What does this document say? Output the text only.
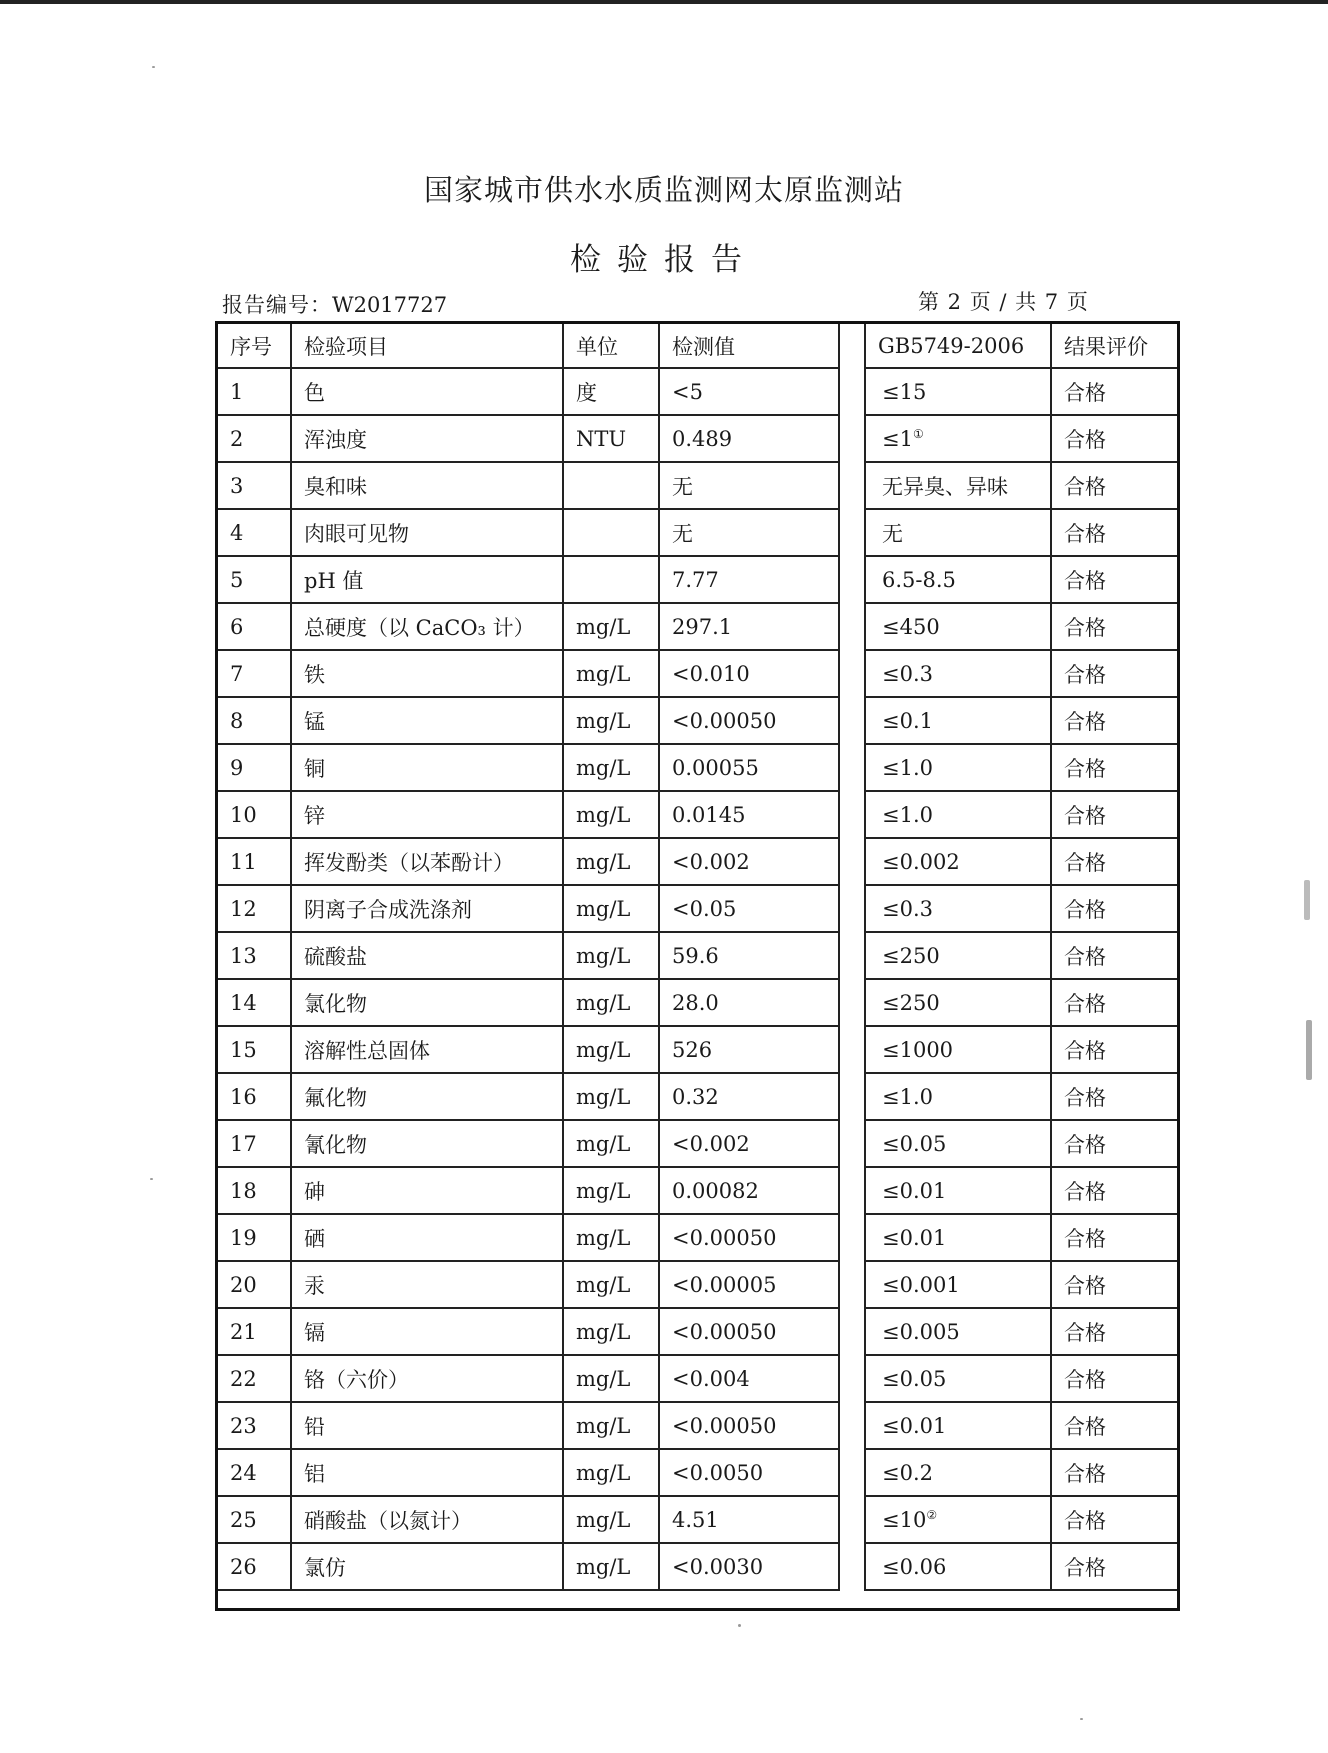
国家城市供水水质监测网太原监测站
检验报告
报告编号：W2017727	第 2 页 / 共 7 页
序号	检验项目	单位	检测值		GB5749-2006	结果评价
1	色	度	<5		≤15	合格
2	浑浊度	NTU	0.489		≤1①	合格
3	臭和味		无		无异臭、异味	合格
4	肉眼可见物		无		无	合格
5	pH 值		7.77		6.5-8.5	合格
6	总硬度（以 CaCO₃ 计）	mg/L	297.1		≤450	合格
7	铁	mg/L	<0.010		≤0.3	合格
8	锰	mg/L	<0.00050		≤0.1	合格
9	铜	mg/L	0.00055		≤1.0	合格
10	锌	mg/L	0.0145		≤1.0	合格
11	挥发酚类（以苯酚计）	mg/L	<0.002		≤0.002	合格
12	阴离子合成洗涤剂	mg/L	<0.05		≤0.3	合格
13	硫酸盐	mg/L	59.6		≤250	合格
14	氯化物	mg/L	28.0		≤250	合格
15	溶解性总固体	mg/L	526		≤1000	合格
16	氟化物	mg/L	0.32		≤1.0	合格
17	氰化物	mg/L	<0.002		≤0.05	合格
18	砷	mg/L	0.00082		≤0.01	合格
19	硒	mg/L	<0.00050		≤0.01	合格
20	汞	mg/L	<0.00005		≤0.001	合格
21	镉	mg/L	<0.00050		≤0.005	合格
22	铬（六价）	mg/L	<0.004		≤0.05	合格
23	铅	mg/L	<0.00050		≤0.01	合格
24	铝	mg/L	<0.0050		≤0.2	合格
25	硝酸盐（以氮计）	mg/L	4.51		≤10②	合格
26	氯仿	mg/L	<0.0030		≤0.06	合格
